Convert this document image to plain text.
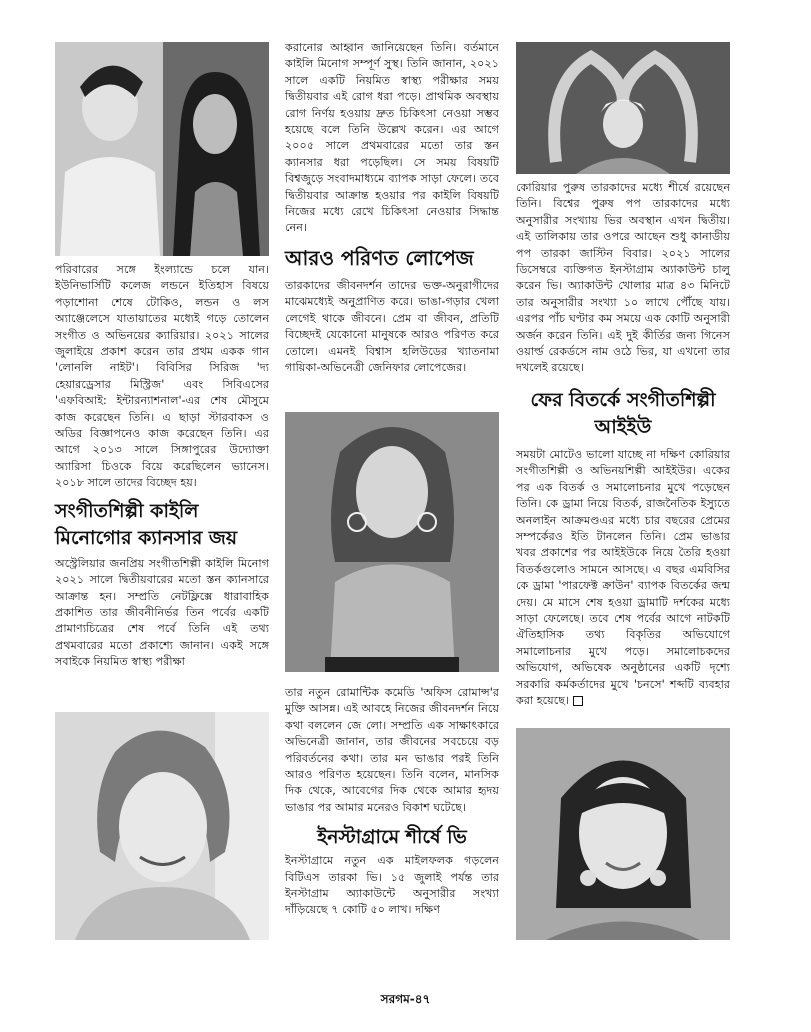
পরিবারের সঙ্গে ইংল্যান্ডে চলে যান। ইউনিভার্সিটি কলেজ লন্ডনে ইতিহাস বিষয়ে পড়াশোনা শেষে টোকিও, লন্ডন ও লস অ্যাঞ্জেলেসে যাতায়াতের মধ্যেই গড়ে তোলেন সংগীত ও অভিনয়ের ক্যারিয়ার। ২০২১ সালের জুলাইয়ে প্রকাশ করেন তার প্রথম একক গান 'লোনলি নাইট'। বিবিসির সিরিজ 'দ্য হেয়ারড্রেসার মিস্ট্রিজ' এবং সিবিএসের 'এফবিআই: ইন্টারন্যাশনাল'-এর শেষ মৌসুমে কাজ করেছেন তিনি। এ ছাড়া স্টারবাকস ও অডির বিজ্ঞাপনেও কাজ করেছেন তিনি। এর আগে ২০১৩ সালে সিঙ্গাপুরের উদ্যোক্তা অ্যারিসা চিওকে বিয়ে করেছিলেন ভ্যানেস। ২০১৮ সালে তাদের বিচ্ছেদ হয়।

সংগীতশিল্পী কাইলি মিনোগোর ক্যানসার জয়

অস্ট্রেলিয়ার জনপ্রিয় সংগীতশিল্পী কাইলি মিনোগ ২০২১ সালে দ্বিতীয়বারের মতো স্তন ক্যানসারে আক্রান্ত হন। সম্প্রতি নেটফ্লিক্সে ধারাবাহিক প্রকাশিত তার জীবনীনির্ভর তিন পর্বের একটি প্রামাণ্যচিত্রের শেষ পর্বে তিনি এই তথ্য প্রথমবারের মতো প্রকাশ্যে জানান। একই সঙ্গে সবাইকে নিয়মিত স্বাস্থ্য পরীক্ষা

করানোর আহ্বান জানিয়েছেন তিনি। বর্তমানে কাইলি মিনোগ সম্পূর্ণ সুস্থ। তিনি জানান, ২০২১ সালে একটি নিয়মিত স্বাস্থ্য পরীক্ষার সময় দ্বিতীয়বার এই রোগ ধরা পড়ে। প্রাথমিক অবস্থায় রোগ নির্ণয় হওয়ায় দ্রুত চিকিৎসা নেওয়া সম্ভব হয়েছে বলে তিনি উল্লেখ করেন। এর আগে ২০০৫ সালে প্রথমবারের মতো তার স্তন ক্যানসার ধরা পড়েছিল। সে সময় বিষয়টি বিশ্বজুড়ে সংবাদমাধ্যমে ব্যাপক সাড়া ফেলে। তবে দ্বিতীয়বার আক্রান্ত হওয়ার পর কাইলি বিষয়টি নিজের মধ্যে রেখে চিকিৎসা নেওয়ার সিদ্ধান্ত নেন।

আরও পরিণত লোপেজ

তারকাদের জীবনদর্শন তাদের ভক্ত-অনুরাগীদের মাঝেমধ্যেই অনুপ্রাণিত করে। ভাঙা-গড়ার খেলা লেগেই থাকে জীবনে। প্রেম বা জীবন, প্রতিটি বিচ্ছেদই যেকোনো মানুষকে আরও পরিণত করে তোলে। এমনই বিশ্বাস হলিউডের খ্যাতনামা গায়িকা-অভিনেত্রী জেনিফার লোপেজের।

তার নতুন রোমান্টিক কমেডি 'অফিস রোমান্স'র মুক্তি আসন্ন। এই আবহে নিজের জীবনদর্শন নিয়ে কথা বললেন জে লো। সম্প্রতি এক সাক্ষাৎকারে অভিনেত্রী জানান, তার জীবনের সবচেয়ে বড় পরিবর্তনের কথা। তার মন ভাঙার পরই তিনি আরও পরিণত হয়েছেন। তিনি বলেন, মানসিক দিক থেকে, আবেগের দিক থেকে আমার হৃদয় ভাঙার পর আমার মনেরও বিকাশ ঘটেছে।

ইনস্টাগ্রামে শীর্ষে ভি

ইনস্টাগ্রামে নতুন এক মাইলফলক গড়লেন বিটিএস তারকা ভি। ১৫ জুলাই পর্যন্ত তার ইনস্টাগ্রাম অ্যাকাউন্টে অনুসারীর সংখ্যা দাঁড়িয়েছে ৭ কোটি ৫০ লাখ। দক্ষিণ

কোরিয়ার পুরুষ তারকাদের মধ্যে শীর্ষে রয়েছেন তিনি। বিশ্বের পুরুষ পপ তারকাদের মধ্যে অনুসারীর সংখ্যায় ভির অবস্থান এখন দ্বিতীয়। এই তালিকায় তার ওপরে আছেন শুধু কানাডীয় পপ তারকা জাস্টিন বিবার। ২০২১ সালের ডিসেম্বরে ব্যক্তিগত ইনস্টাগ্রাম অ্যাকাউন্ট চালু করেন ভি। অ্যাকাউন্ট খোলার মাত্র ৪৩ মিনিটে তার অনুসারীর সংখ্যা ১০ লাখে পৌঁছে যায়। এরপর পাঁচ ঘণ্টার কম সময়ে এক কোটি অনুসারী অর্জন করেন তিনি। এই দুই কীর্তির জন্য গিনেস ওয়ার্ল্ড রেকর্ডসে নাম ওঠে ভির, যা এখনো তার দখলেই রয়েছে।

ফের বিতর্কে সংগীতশিল্পী আইইউ

সময়টা মোটেও ভালো যাচ্ছে না দক্ষিণ কোরিয়ার সংগীতশিল্পী ও অভিনয়শিল্পী আইইউর। একের পর এক বিতর্ক ও সমালোচনার মুখে পড়েছেন তিনি। কে ড্রামা নিয়ে বিতর্ক, রাজনৈতিক ইস্যুতে অনলাইন আক্রমণ্ডএর মধ্যে চার বছরের প্রেমের সম্পর্কেরও ইতি টানলেন তিনি। প্রেম ভাঙার খবর প্রকাশের পর আইইউকে নিয়ে তৈরি হওয়া বিতর্কগুলোও সামনে আসছে। এ বছর এমবিসির কে ড্রামা 'পারফেক্ট ক্রাউন' ব্যাপক বিতর্কের জন্ম দেয়। মে মাসে শেষ হওয়া ড্রামাটি দর্শকের মধ্যে সাড়া ফেলেছে। তবে শেষ পর্বের আগে নাটকটি ঐতিহাসিক তথ্য বিকৃতির অভিযোগে সমালোচনার মুখে পড়ে। সমালোচকদের অভিযোগ, অভিষেক অনুষ্ঠানের একটি দৃশ্যে সরকারি কর্মকর্তাদের মুখে 'চনসে' শব্দটি ব্যবহার করা হয়েছে।

সরগম-৪৭
